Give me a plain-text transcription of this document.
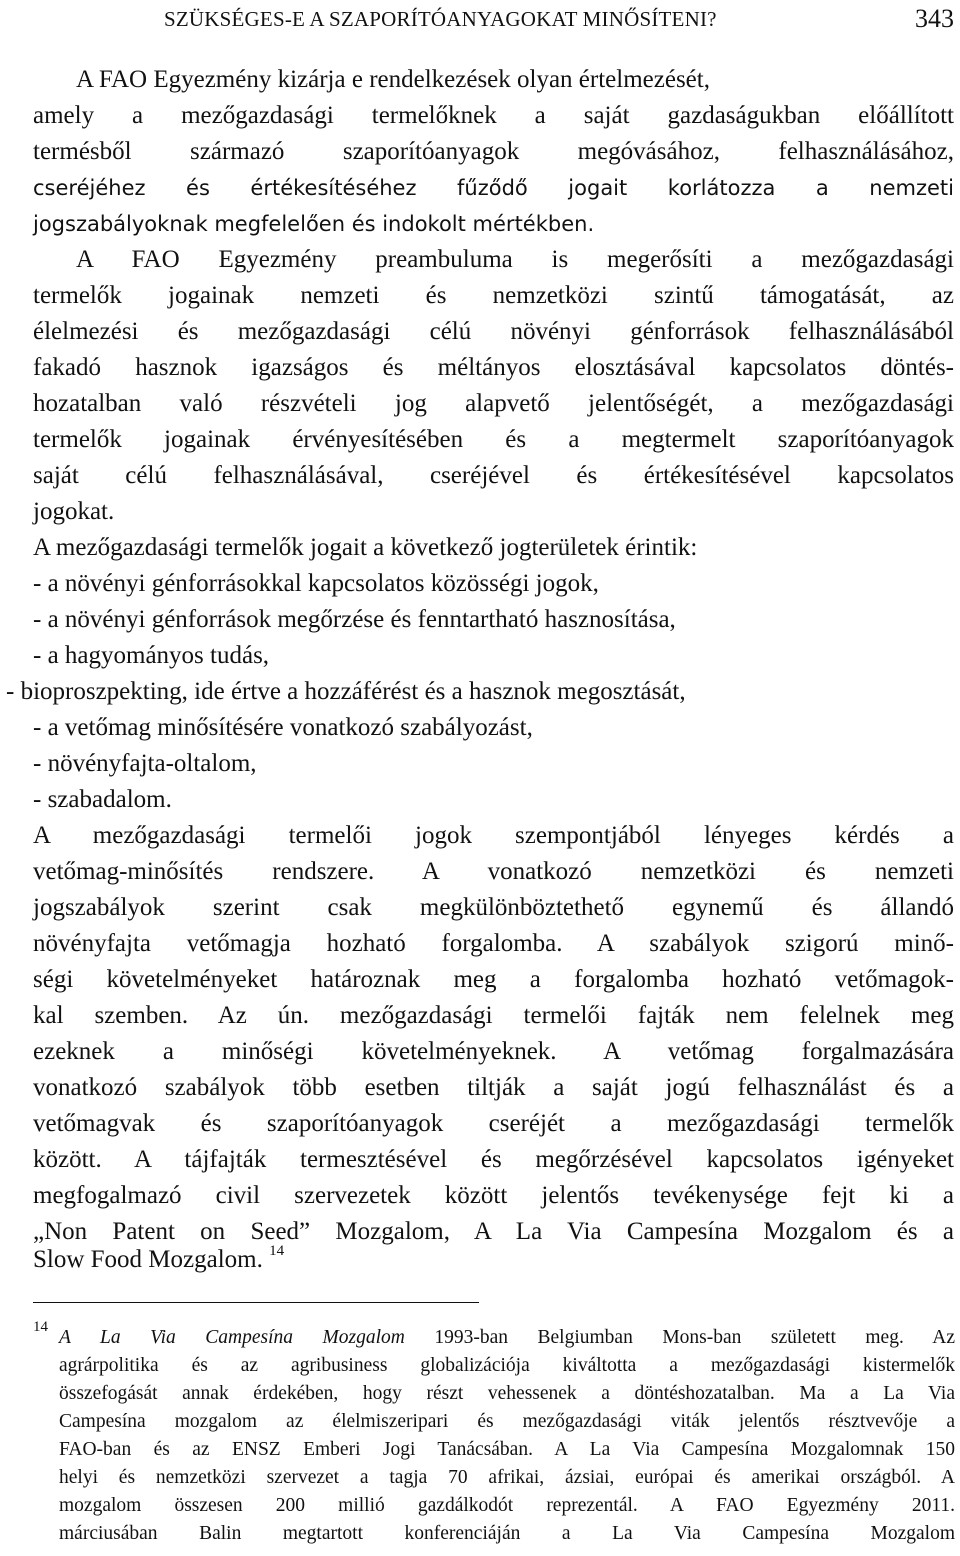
SZÜKSÉGES-E A SZAPORÍTÓANYAGOKAT MINŐSÍTENI?	343
A FAO Egyezmény kizárja e rendelkezések olyan értelmezését,
amely a mezőgazdasági termelőknek a saját gazdaságukban előállított
termésből származó szaporítóanyagok megóvásához, felhasználásához,
cseréjéhez és értékesítéséhez fűződő jogait korlátozza a nemzeti
jogszabályoknak megfelelően és indokolt mértékben.
A FAO Egyezmény preambuluma is megerősíti a mezőgazdasági
termelők jogainak nemzeti és nemzetközi szintű támogatását, az
élelmezési és mezőgazdasági célú növényi génforrások felhasználásából
fakadó hasznok igazságos és méltányos elosztásával kapcsolatos döntés-
hozatalban való részvételi jog alapvető jelentőségét, a mezőgazdasági
termelők jogainak érvényesítésében és a megtermelt szaporítóanyagok
saját célú felhasználásával, cseréjével és értékesítésével kapcsolatos
jogokat.
A mezőgazdasági termelők jogait a következő jogterületek érintik:
- a növényi génforrásokkal kapcsolatos közösségi jogok,
- a növényi génforrások megőrzése és fenntartható hasznosítása,
- a hagyományos tudás,
- bioproszpekting, ide értve a hozzáférést és a hasznok megosztását,
- a vetőmag minősítésére vonatkozó szabályozást,
- növényfajta-oltalom,
- szabadalom.
A mezőgazdasági termelői jogok szempontjából lényeges kérdés a
vetőmag-minősítés rendszere. A vonatkozó nemzetközi és nemzeti
jogszabályok szerint csak megkülönböztethető egynemű és állandó
növényfajta vetőmagja hozható forgalomba. A szabályok szigorú minő-
ségi követelményeket határoznak meg a forgalomba hozható vetőmagok-
kal szemben. Az ún. mezőgazdasági termelői fajták nem felelnek meg
ezeknek a minőségi követelményeknek. A vetőmag forgalmazására
vonatkozó szabályok több esetben tiltják a saját jogú felhasználást és a
vetőmagvak és szaporítóanyagok cseréjét a mezőgazdasági termelők
között. A tájfajták termesztésével és megőrzésével kapcsolatos igényeket
megfogalmazó civil szervezetek között jelentős tevékenysége fejt ki a
„Non Patent on Seed” Mozgalom, A La Via Campesína Mozgalom és a
Slow Food Mozgalom. $^{14}$
14 A La Via Campesína Mozgalom 1993-ban Belgiumban Mons-ban született meg. Az
agrárpolitika és az agribusiness globalizációja kiváltotta a mezőgazdasági kistermelők
összefogását annak érdekében, hogy részt vehessenek a döntéshozatalban. Ma a La Via
Campesína mozgalom az élelmiszeripari és mezőgazdasági viták jelentős résztvevője a
FAO-ban és az ENSZ Emberi Jogi Tanácsában. A La Via Campesína Mozgalomnak 150
helyi és nemzetközi szervezet a tagja 70 afrikai, ázsiai, európai és amerikai országból. A
mozgalom összesen 200 millió gazdálkodót reprezentál. A FAO Egyezmény 2011.
márciusában Balin megtartott konferenciáján a La Via Campesína Mozgalom
